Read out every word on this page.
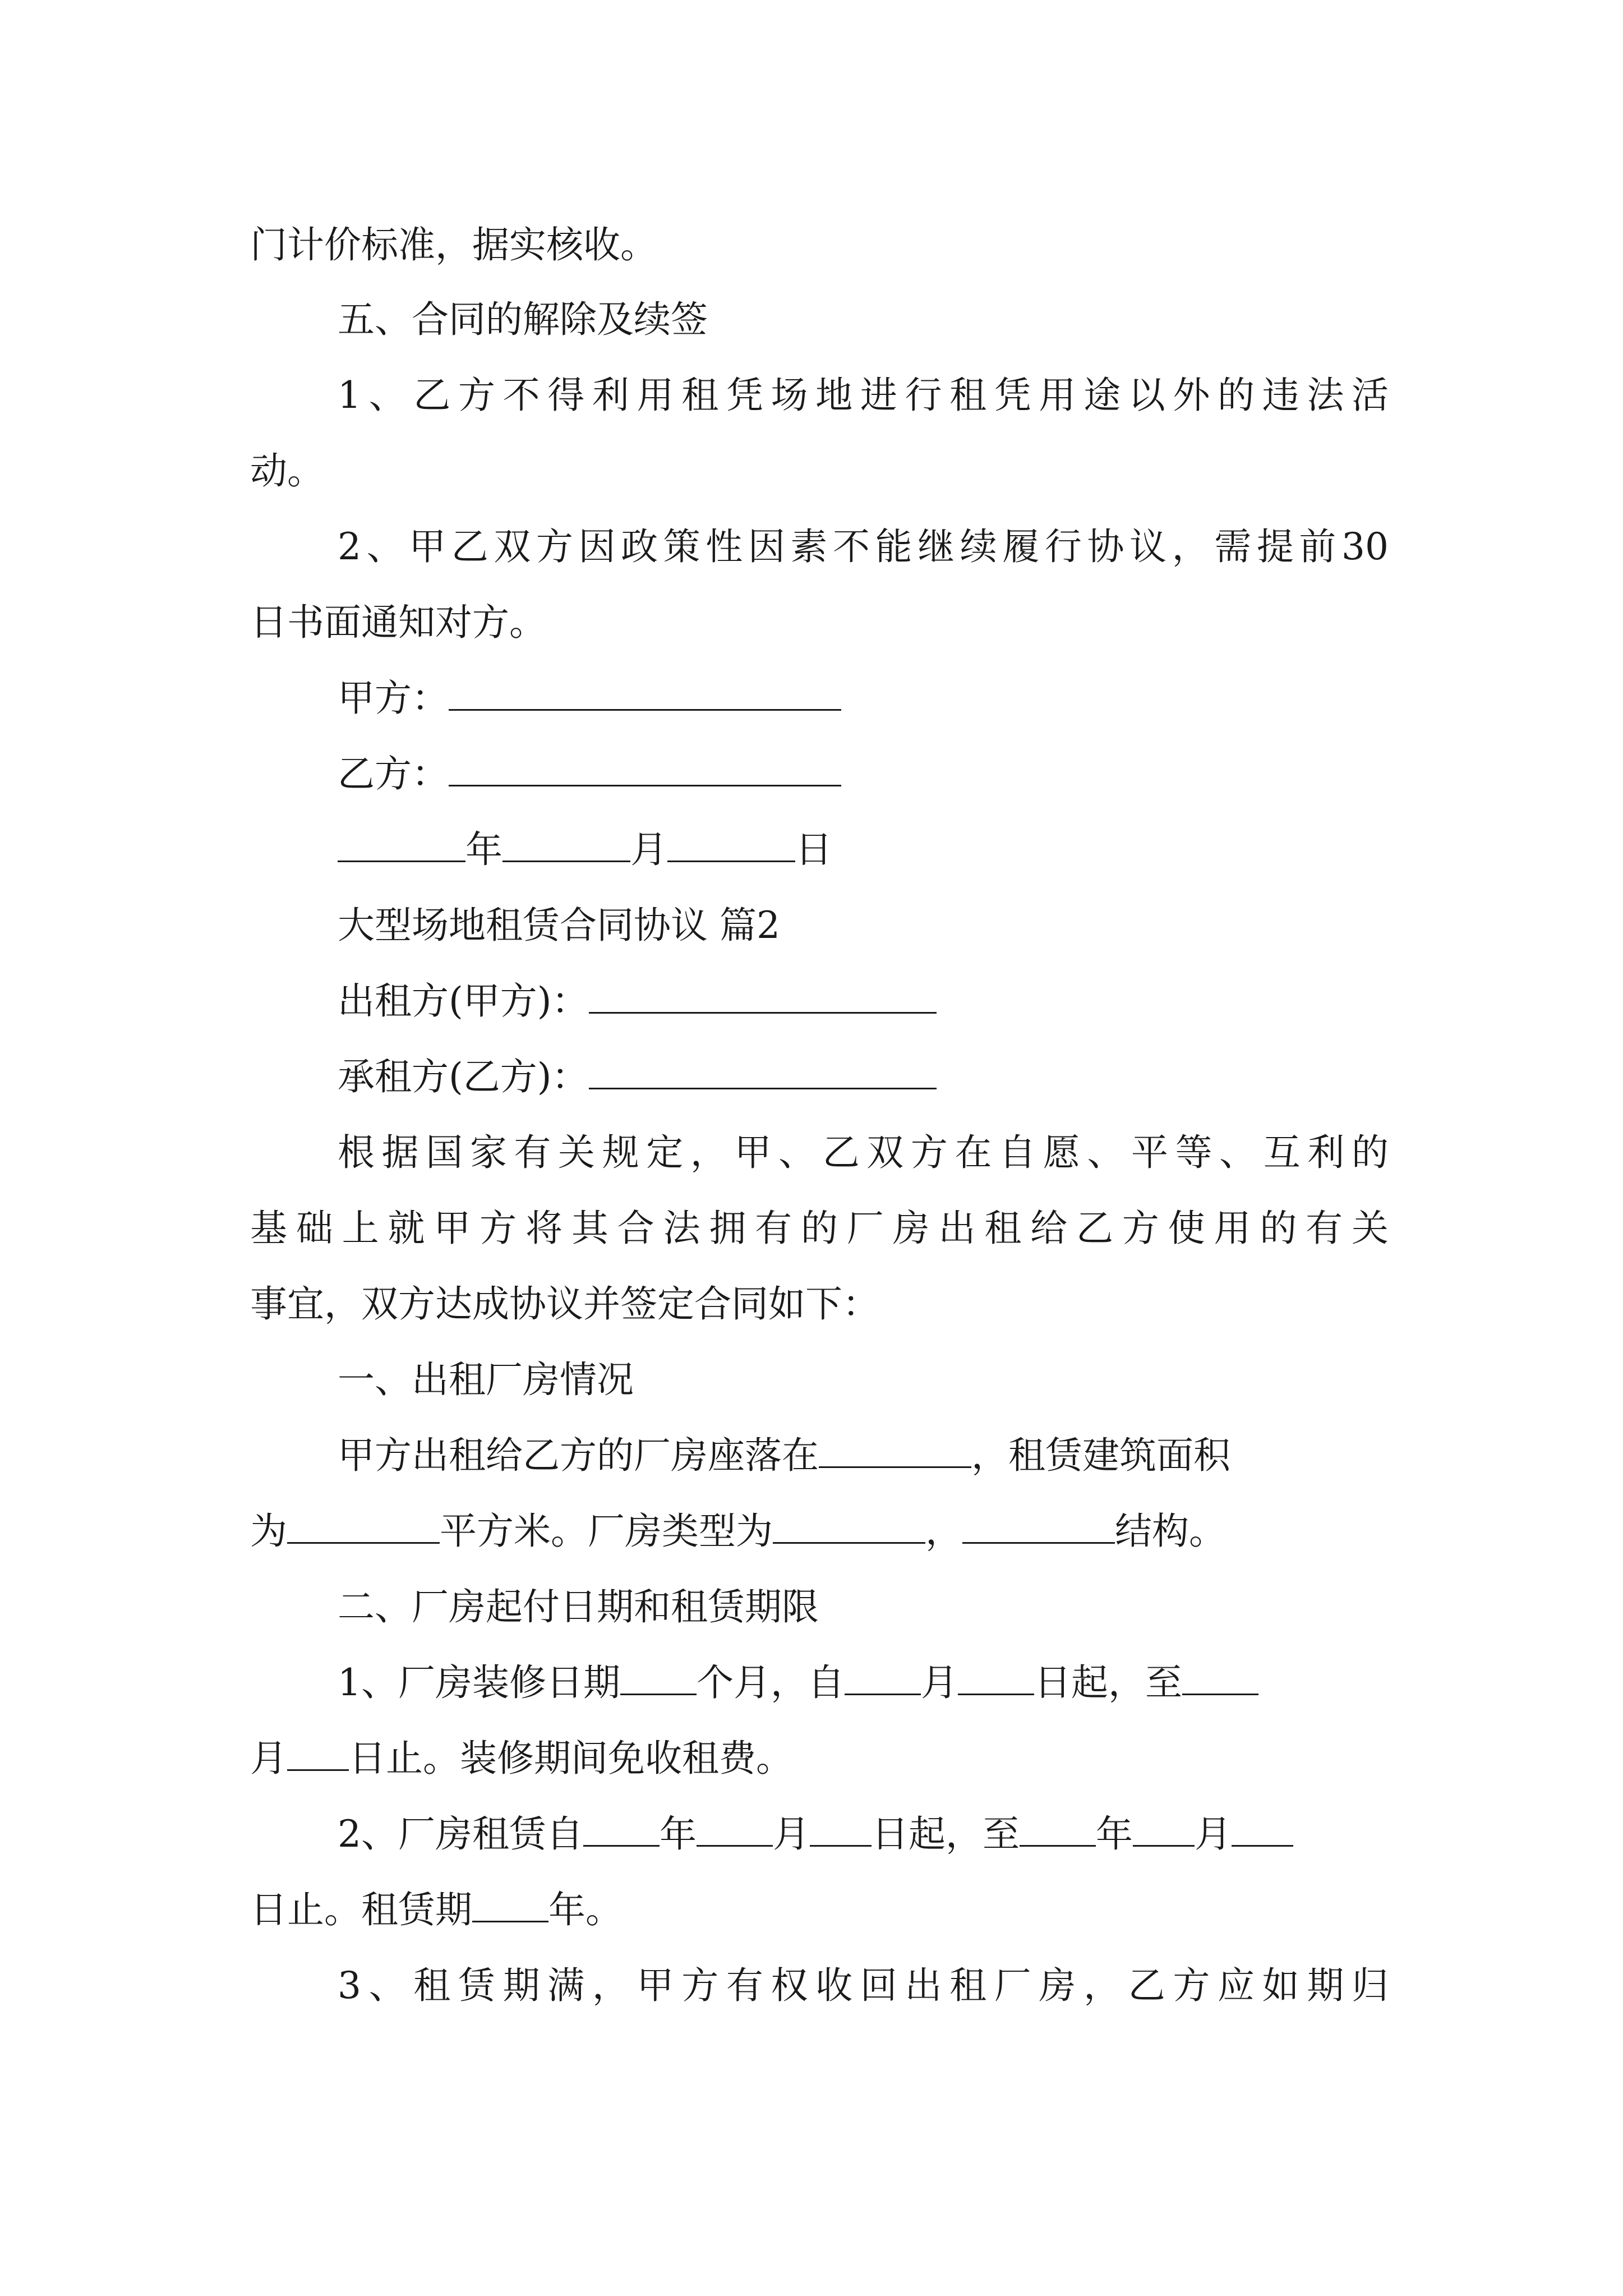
门计价标准，据实核收。
五、合同的解除及续签
1、乙方不得利用租凭场地进行租凭用途以外的违法活
动。
2、甲乙双方因政策性因素不能继续履行协议，需提前30
日书面通知对方。
甲方：
乙方：
年	月	日
大型场地租赁合同协议 篇2
出租方(甲方)：
承租方(乙方)：
根据国家有关规定，甲、乙双方在自愿、平等、互利的
基础上就甲方将其合法拥有的厂房出租给乙方使用的有关
事宜，双方达成协议并签定合同如下：
一、出租厂房情况
甲方出租给乙方的厂房座落在	，租赁建筑面积
为	平方米。厂房类型为	，	结构。
二、厂房起付日期和租赁期限
1、厂房装修日期 个月，自 月 日起，至
月 日止。装修期间免收租费。
2、厂房租赁自 年 月 日起，至 年 月
日止。租赁期 年。
3、租赁期满，甲方有权收回出租厂房，乙方应如期归
